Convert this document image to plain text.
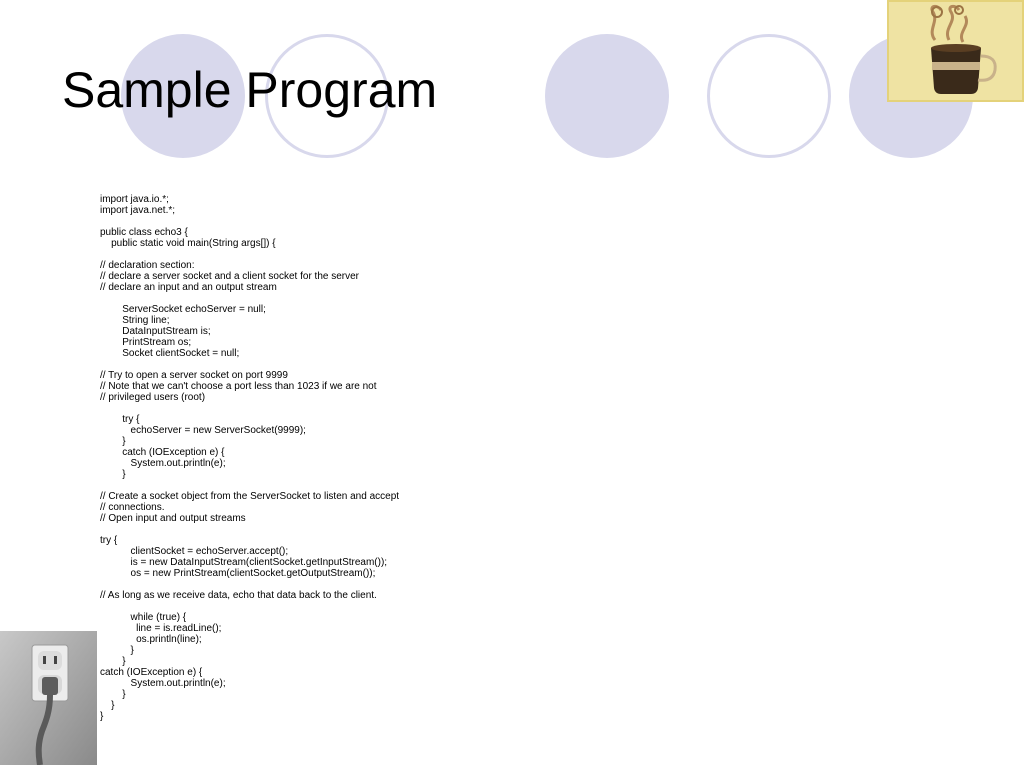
Sample Program
import java.io.*;
import java.net.*;

public class echo3 {
public static void main(String args[]) {

// declaration section:
// declare a server socket and a client socket for the server
// declare an input and an output stream

ServerSocket echoServer = null;
String line;
DataInputStream is;
PrintStream os;
Socket clientSocket = null;

// Try to open a server socket on port 9999
// Note that we can't choose a port less than 1023 if we are not
// privileged users (root)

try {
echoServer = new ServerSocket(9999);
}
catch (IOException e) {
System.out.println(e);
}

// Create a socket object from the ServerSocket to listen and accept
// connections.
// Open input and output streams

try {
clientSocket = echoServer.accept();
is = new DataInputStream(clientSocket.getInputStream());
os = new PrintStream(clientSocket.getOutputStream());

// As long as we receive data, echo that data back to the client.

while (true) {
line = is.readLine();
os.println(line);
}
}
catch (IOException e) {
System.out.println(e);
}
}
}
